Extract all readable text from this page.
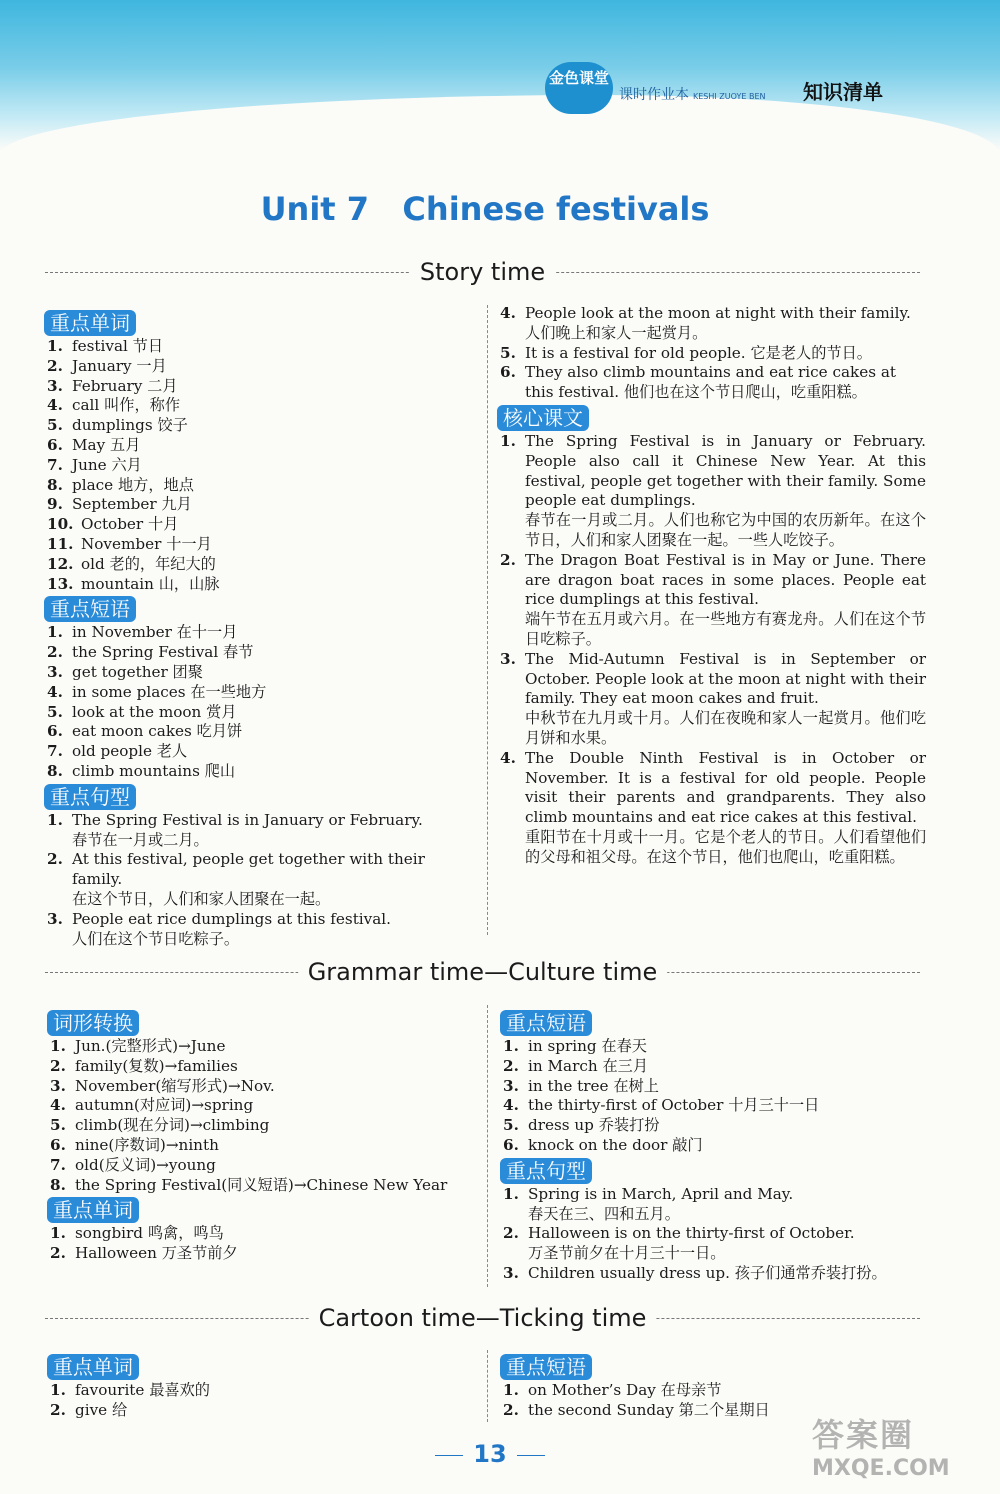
金色课堂
课时作业本 KESHI ZUOYE BEN 知识清单
Unit 7   Chinese festivals
Story time
重点单词
1. festival 节日
2. January 一月
3. February 二月
4. call 叫作，称作
5. dumplings 饺子
6. May 五月
7. June 六月
8. place 地方，地点
9. September 九月
10. October 十月
11. November 十一月
12. old 老的，年纪大的
13. mountain 山，山脉
重点短语
1. in November 在十一月
2. the Spring Festival 春节
3. get together 团聚
4. in some places 在一些地方
5. look at the moon 赏月
6. eat moon cakes 吃月饼
7. old people 老人
8. climb mountains 爬山
重点句型
1. The Spring Festival is in January or February.
春节在一月或二月。
2. At this festival, people get together with their family.
在这个节日，人们和家人团聚在一起。
3. People eat rice dumplings at this festival.
人们在这个节日吃粽子。
4. People look at the moon at night with their family.
人们晚上和家人一起赏月。
5. It is a festival for old people. 它是老人的节日。
6. They also climb mountains and eat rice cakes at this festival. 他们也在这个节日爬山，吃重阳糕。
核心课文
1. The Spring Festival is in January or February. People also call it Chinese New Year. At this festival, people get together with their family. Some people eat dumplings.
春节在一月或二月。人们也称它为中国的农历新年。在这个节日，人们和家人团聚在一起。一些人吃饺子。
2. The Dragon Boat Festival is in May or June. There are dragon boat races in some places. People eat rice dumplings at this festival.
端午节在五月或六月。在一些地方有赛龙舟。人们在这个节日吃粽子。
3. The Mid-Autumn Festival is in September or October. People look at the moon at night with their family. They eat moon cakes and fruit.
中秋节在九月或十月。人们在夜晚和家人一起赏月。他们吃月饼和水果。
4. The Double Ninth Festival is in October or November. It is a festival for old people. People visit their parents and grandparents. They also climb mountains and eat rice cakes at this festival.
重阳节在十月或十一月。它是个老人的节日。人们看望他们的父母和祖父母。在这个节日，他们也爬山，吃重阳糕。
Grammar time—Culture time
词形转换
1. Jun.(完整形式)→June
2. family(复数)→families
3. November(缩写形式)→Nov.
4. autumn(对应词)→spring
5. climb(现在分词)→climbing
6. nine(序数词)→ninth
7. old(反义词)→young
8. the Spring Festival(同义短语)→Chinese New Year
重点单词
1. songbird 鸣禽，鸣鸟
2. Halloween 万圣节前夕
重点短语
1. in spring 在春天
2. in March 在三月
3. in the tree 在树上
4. the thirty-first of October 十月三十一日
5. dress up 乔装打扮
6. knock on the door 敲门
重点句型
1. Spring is in March, April and May.
春天在三、四和五月。
2. Halloween is on the thirty-first of October.
万圣节前夕在十月三十一日。
3. Children usually dress up. 孩子们通常乔装打扮。
Cartoon time—Ticking time
重点单词
1. favourite 最喜欢的
2. give 给
重点短语
1. on Mother’s Day 在母亲节
2. the second Sunday 第二个星期日
13	答案圈
MXQE.COM
